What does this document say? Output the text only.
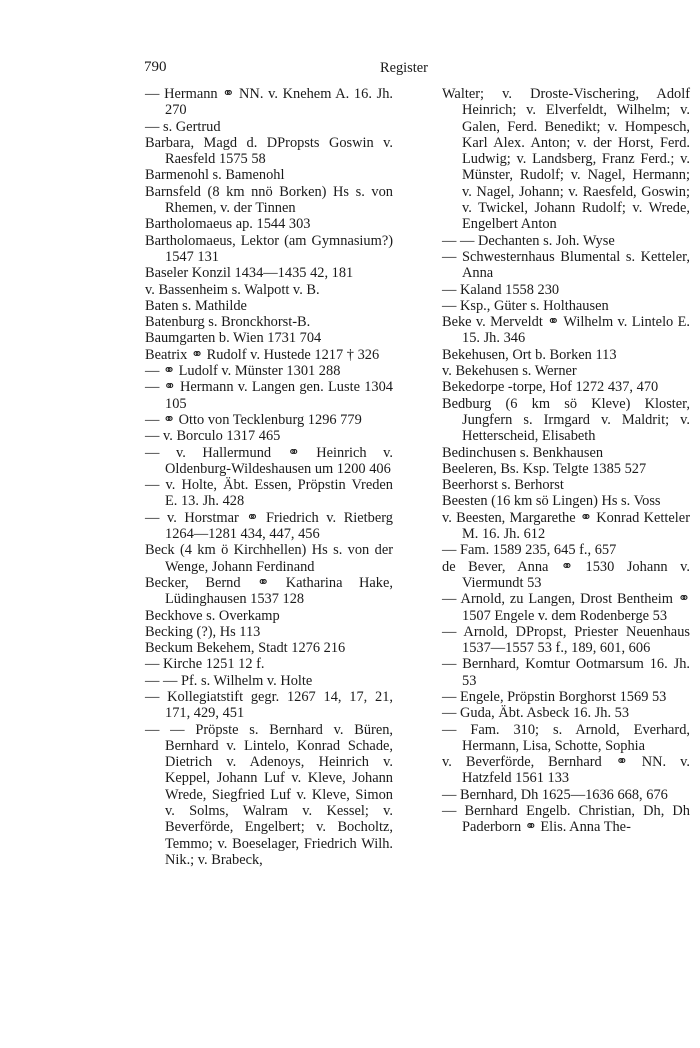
790	Register

— Hermann ⚭ NN. v. Knehem A. 16. Jh. 270

— s. Gertrud

Barbara, Magd d. DPropsts Goswin v. Raesfeld 1575 58

Barmenohl s. Bamenohl

Barnsfeld (8 km nnö Borken) Hs s. von Rhemen, v. der Tinnen

Bartholomaeus ap. 1544 303

Bartholomaeus, Lektor (am Gymnasium?) 1547 131

Baseler Konzil 1434—1435 42, 181

v. Bassenheim s. Walpott v. B.

Baten s. Mathilde

Batenburg s. Bronckhorst-B.

Baumgarten b. Wien 1731 704

Beatrix ⚭ Rudolf v. Hustede 1217 † 326

— ⚭ Ludolf v. Münster 1301 288

— ⚭ Hermann v. Langen gen. Luste 1304 105

— ⚭ Otto von Tecklenburg 1296 779

— v. Borculo 1317 465

— v. Hallermund ⚭ Heinrich v. Oldenburg-Wildeshausen um 1200 406

— v. Holte, Äbt. Essen, Pröpstin Vreden E. 13. Jh. 428

— v. Horstmar ⚭ Friedrich v. Rietberg 1264—1281 434, 447, 456

Beck (4 km ö Kirchhellen) Hs s. von der Wenge, Johann Ferdinand

Becker, Bernd ⚭ Katharina Hake, Lüdinghausen 1537 128

Beckhove s. Overkamp

Becking (?), Hs 113

Beckum Bekehem, Stadt 1276 216

— Kirche 1251 12 f.

— — Pf. s. Wilhelm v. Holte

— Kollegiatstift gegr. 1267 14, 17, 21, 171, 429, 451

— — Pröpste s. Bernhard v. Büren, Bernhard v. Lintelo, Konrad Schade, Dietrich v. Adenoys, Heinrich v. Keppel, Johann Luf v. Kleve, Johann Wrede, Siegfried Luf v. Kleve, Simon v. Solms, Walram v. Kessel; v. Beverförde, Engelbert; v. Bocholtz, Temmo; v. Boeselager, Friedrich Wilh. Nik.; v. Brabeck,

Walter; v. Droste-Vischering, Adolf Heinrich; v. Elverfeldt, Wilhelm; v. Galen, Ferd. Benedikt; v. Hompesch, Karl Alex. Anton; v. der Horst, Ferd. Ludwig; v. Landsberg, Franz Ferd.; v. Münster, Rudolf; v. Nagel, Hermann; v. Nagel, Johann; v. Raesfeld, Goswin; v. Twickel, Johann Rudolf; v. Wrede, Engelbert Anton

— — Dechanten s. Joh. Wyse

— Schwesternhaus Blumental s. Ketteler, Anna

— Kaland 1558 230

— Ksp., Güter s. Holthausen

Beke v. Merveldt ⚭ Wilhelm v. Lintelo E. 15. Jh. 346

Bekehusen, Ort b. Borken 113

v. Bekehusen s. Werner

Bekedorpe -torpe, Hof 1272 437, 470

Bedburg (6 km sö Kleve) Kloster, Jungfern s. Irmgard v. Maldrit; v. Hetterscheid, Elisabeth

Bedinchusen s. Benkhausen

Beeleren, Bs. Ksp. Telgte 1385 527

Beerhorst s. Berhorst

Beesten (16 km sö Lingen) Hs s. Voss

v. Beesten, Margarethe ⚭ Konrad Ketteler M. 16. Jh. 612

— Fam. 1589 235, 645 f., 657

de Bever, Anna ⚭ 1530 Johann v. Viermundt 53

— Arnold, zu Langen, Drost Bentheim ⚭ 1507 Engele v. dem Rodenberge 53

— Arnold, DPropst, Priester Neuenhaus 1537—1557 53 f., 189, 601, 606

— Bernhard, Komtur Ootmarsum 16. Jh. 53

— Engele, Pröpstin Borghorst 1569 53

— Guda, Äbt. Asbeck 16. Jh. 53

— Fam. 310; s. Arnold, Everhard, Hermann, Lisa, Schotte, Sophia

v. Beverförde, Bernhard ⚭ NN. v. Hatzfeld 1561 133

— Bernhard, Dh 1625—1636 668, 676

— Bernhard Engelb. Christian, Dh, Dh Paderborn ⚭ Elis. Anna The-
